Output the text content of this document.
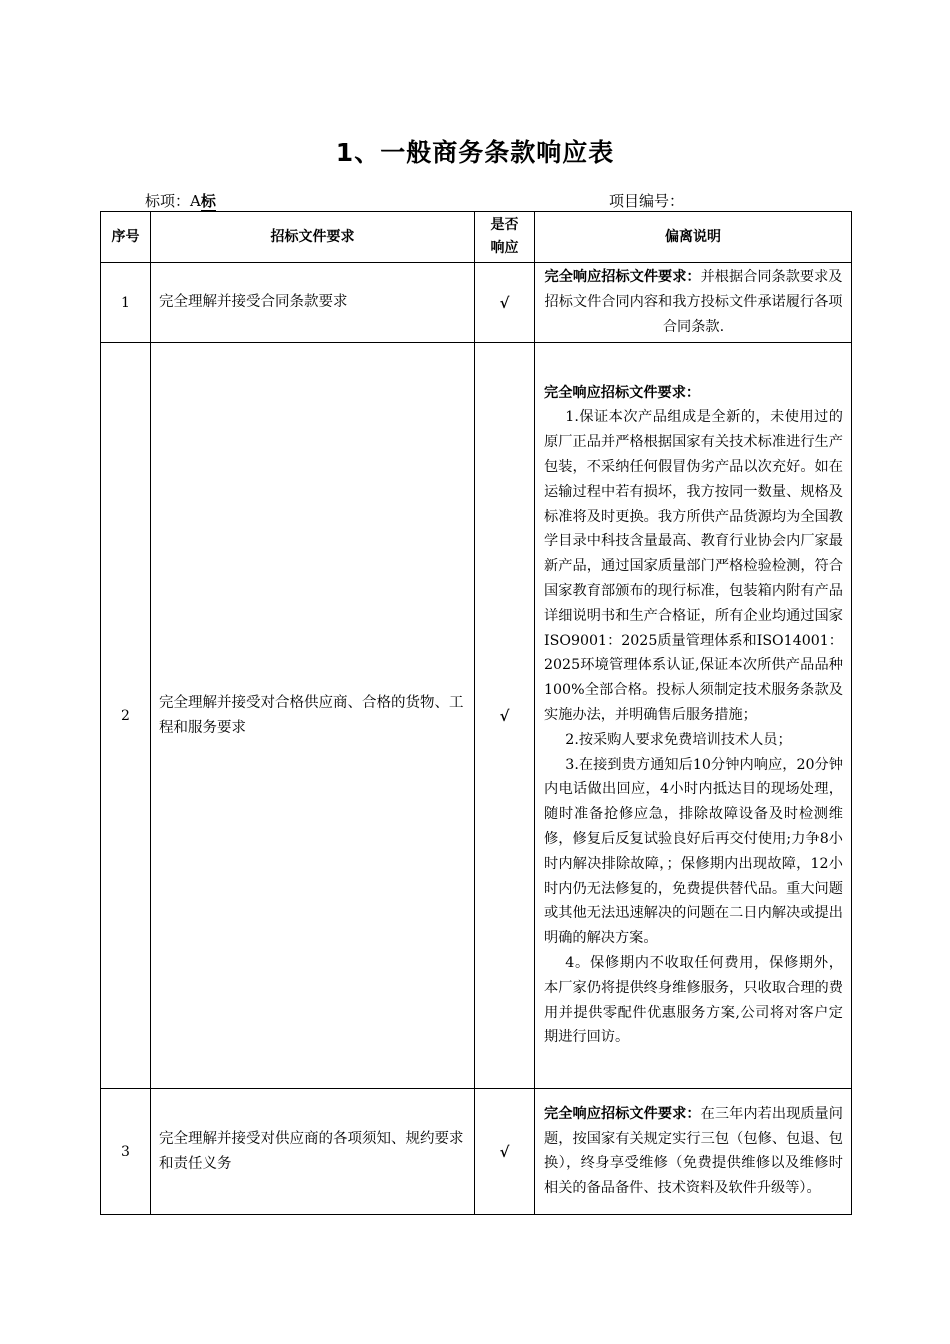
1、一般商务条款响应表
标项：A标	项目编号：
序号	招标文件要求	是否响应	偏离说明
1	完全理解并接受合同条款要求	√	完全响应招标文件要求：并根据合同条款要求及招标文件合同内容和我方投标文件承诺履行各项合同条款.
2	完全理解并接受对合格供应商、合格的货物、工程和服务要求	√	完全响应招标文件要求：

1.保证本次产品组成是全新的，未使用过的原厂正品并严格根据国家有关技术标准进行生产包装，不采纳任何假冒伪劣产品以次充好。如在运输过程中若有损坏，我方按同一数量、规格及标准将及时更换。我方所供产品货源均为全国教学目录中科技含量最高、教育行业协会内厂家最新产品，通过国家质量部门严格检验检测，符合国家教育部颁布的现行标准，包装箱内附有产品详细说明书和生产合格证，所有企业均通过国家ISO9001：2025质量管理体系和ISO14001：2025环境管理体系认证,保证本次所供产品品种100%全部合格。投标人须制定技术服务条款及实施办法，并明确售后服务措施；

2.按采购人要求免费培训技术人员；

3.在接到贵方通知后10分钟内响应，20分钟内电话做出回应，4小时内抵达目的现场处理，随时准备抢修应急，排除故障设备及时检测维修，修复后反复试验良好后再交付使用;力争8小时内解决排除故障，；保修期内出现故障，12小时内仍无法修复的，免费提供替代品。重大问题或其他无法迅速解决的问题在二日内解决或提出明确的解决方案。

4。保修期内不收取任何费用，保修期外，本厂家仍将提供终身维修服务，只收取合理的费用并提供零配件优惠服务方案,公司将对客户定期进行回访。

3	完全理解并接受对供应商的各项须知、规约要求和责任义务	√	完全响应招标文件要求：在三年内若出现质量问题，按国家有关规定实行三包（包修、包退、包换），终身享受维修（免费提供维修以及维修时相关的备品备件、技术资料及软件升级等）。
